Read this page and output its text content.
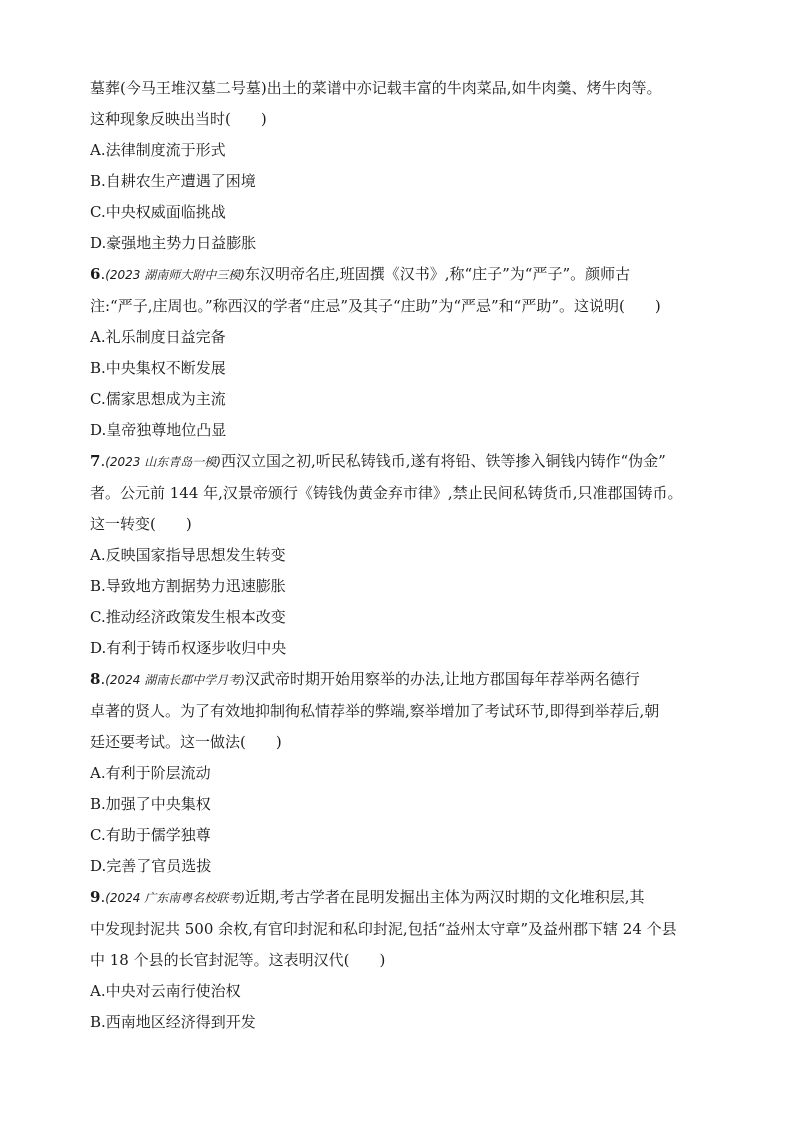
墓葬(今马王堆汉墓二号墓)出土的菜谱中亦记载丰富的牛肉菜品,如牛肉羹、烤牛肉等。
这种现象反映出当时(　　)
A.法律制度流于形式
B.自耕农生产遭遇了困境
C.中央权威面临挑战
D.豪强地主势力日益膨胀
6.(2023 湖南师大附中三模)东汉明帝名庄,班固撰《汉书》,称“庄子”为“严子”。颜师古
注:“严子,庄周也。”称西汉的学者“庄忌”及其子“庄助”为“严忌”和“严助”。这说明(　　)
A.礼乐制度日益完备
B.中央集权不断发展
C.儒家思想成为主流
D.皇帝独尊地位凸显
7.(2023 山东青岛一模)西汉立国之初,听民私铸钱币,遂有将铅、铁等掺入铜钱内铸作“伪金”
者。公元前 144 年,汉景帝颁行《铸钱伪黄金弃市律》,禁止民间私铸货币,只准郡国铸币。
这一转变(　　)
A.反映国家指导思想发生转变
B.导致地方割据势力迅速膨胀
C.推动经济政策发生根本改变
D.有利于铸币权逐步收归中央
8.(2024 湖南长郡中学月考)汉武帝时期开始用察举的办法,让地方郡国每年荐举两名德行
卓著的贤人。为了有效地抑制徇私情荐举的弊端,察举增加了考试环节,即得到举荐后,朝
廷还要考试。这一做法(　　)
A.有利于阶层流动
B.加强了中央集权
C.有助于儒学独尊
D.完善了官员选拔
9.(2024 广东南粤名校联考)近期,考古学者在昆明发掘出主体为两汉时期的文化堆积层,其
中发现封泥共 500 余枚,有官印封泥和私印封泥,包括“益州太守章”及益州郡下辖 24 个县
中 18 个县的长官封泥等。这表明汉代(　　)
A.中央对云南行使治权
B.西南地区经济得到开发
